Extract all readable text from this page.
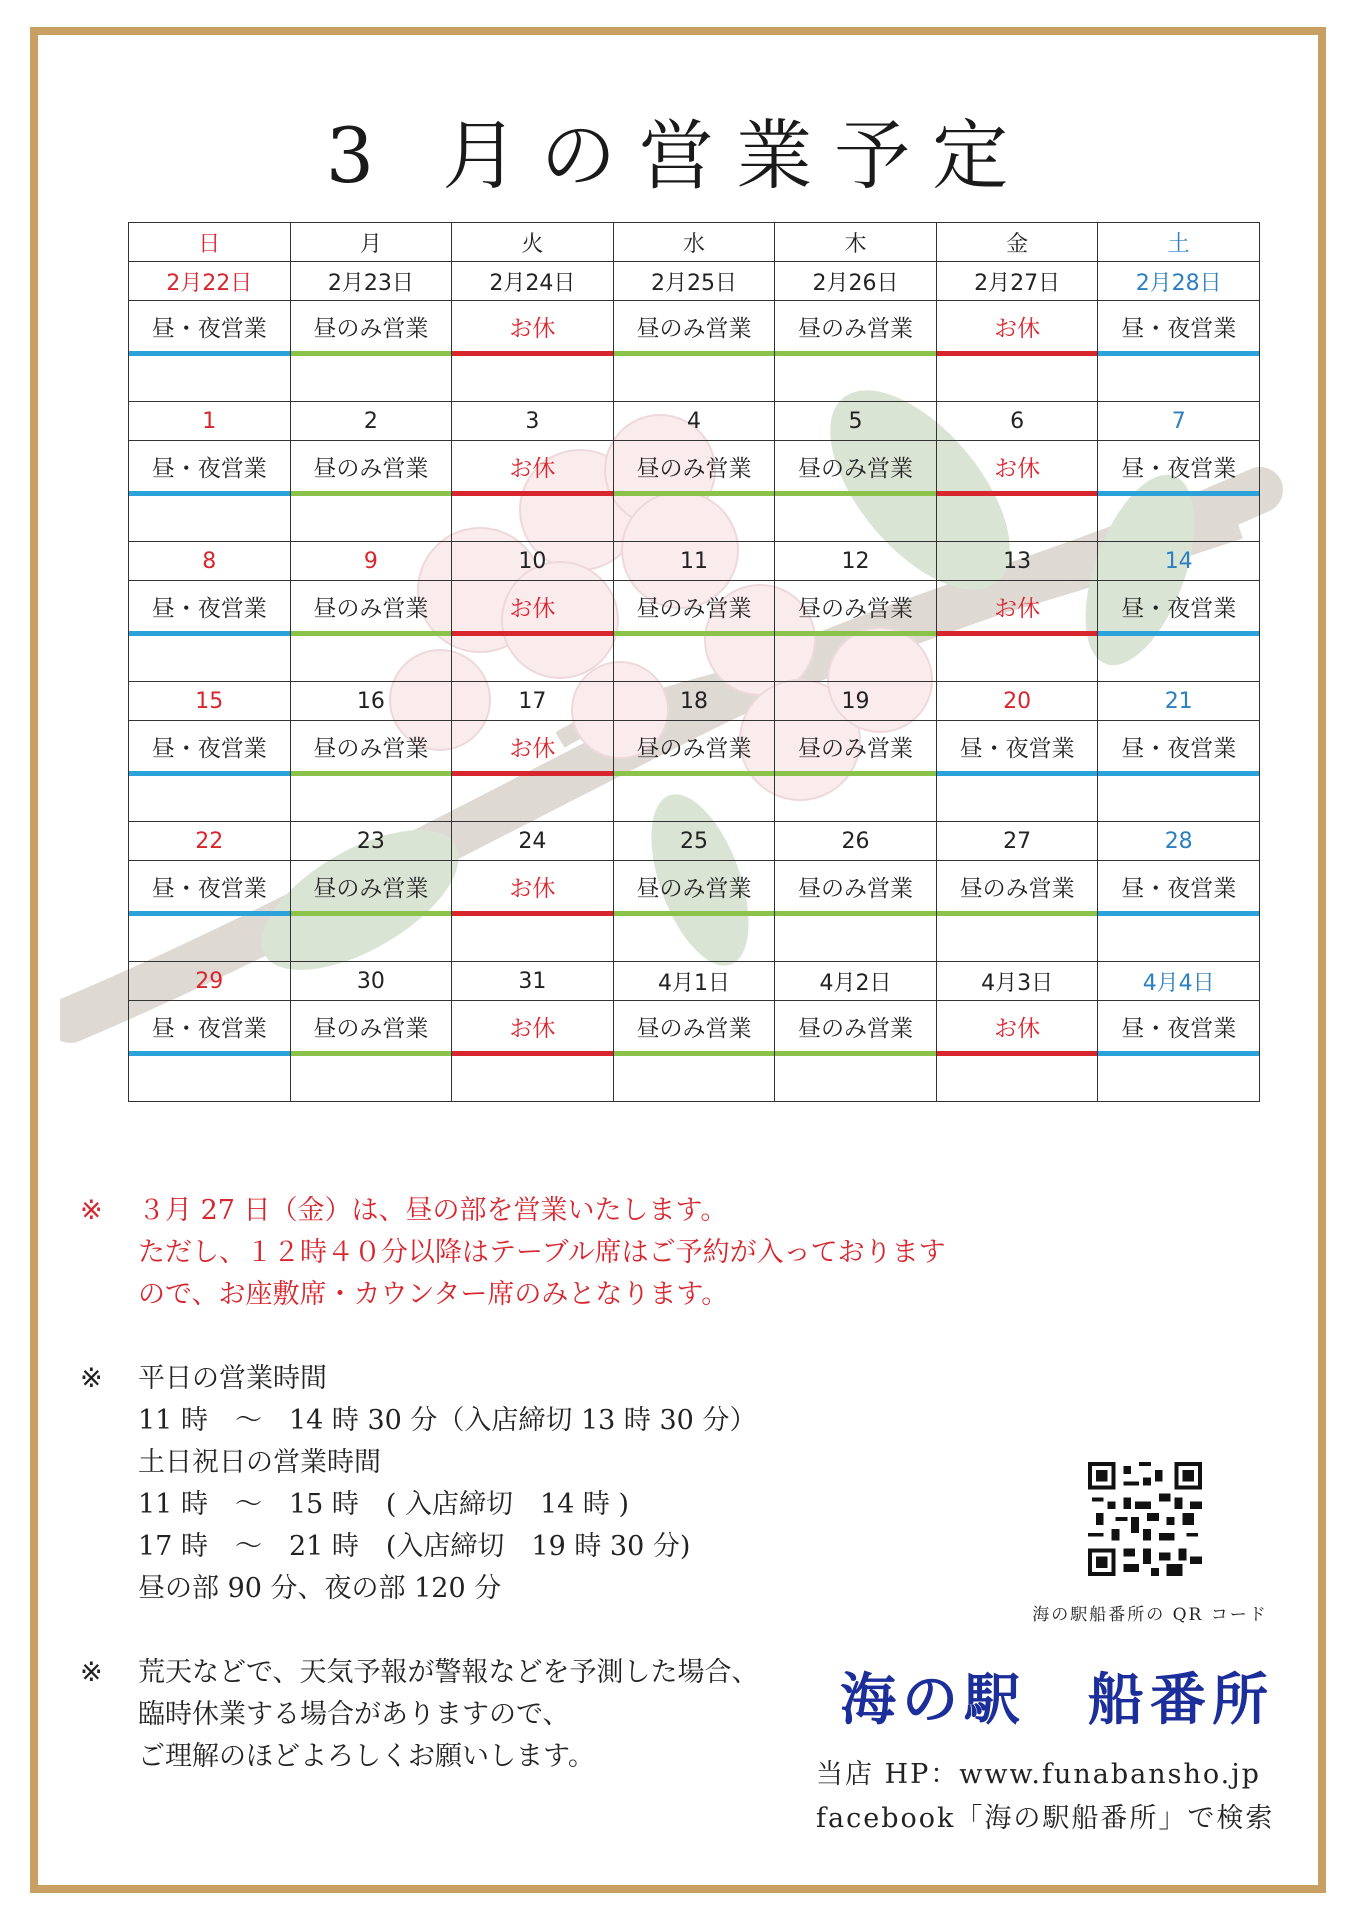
3 月の営業予定
日	月	火	水	木	金	土
2月22日	2月23日	2月24日	2月25日	2月26日	2月27日	2月28日
昼・夜営業	昼のみ営業	お休	昼のみ営業	昼のみ営業	お休	昼・夜営業

1	2	3	4	5	6	7
昼・夜営業	昼のみ営業	お休	昼のみ営業	昼のみ営業	お休	昼・夜営業

8	9	10	11	12	13	14
昼・夜営業	昼のみ営業	お休	昼のみ営業	昼のみ営業	お休	昼・夜営業

15	16	17	18	19	20	21
昼・夜営業	昼のみ営業	お休	昼のみ営業	昼のみ営業	昼・夜営業	昼・夜営業

22	23	24	25	26	27	28
昼・夜営業	昼のみ営業	お休	昼のみ営業	昼のみ営業	昼のみ営業	昼・夜営業

29	30	31	4月1日	4月2日	4月3日	4月4日
昼・夜営業	昼のみ営業	お休	昼のみ営業	昼のみ営業	お休	昼・夜営業

※ ３月 27 日（金）は、昼の部を営業いたします。
ただし、１２時４０分以降はテーブル席はご予約が入っております
ので、お座敷席・カウンター席のみとなります。
※ 平日の営業時間
11 時　～　14 時 30 分（入店締切 13 時 30 分）
土日祝日の営業時間
11 時　～　15 時　( 入店締切　14 時 )
17 時　～　21 時　(入店締切　19 時 30 分)
昼の部 90 分、夜の部 120 分
※ 荒天などで、天気予報が警報などを予測した場合、
臨時休業する場合がありますので、
ご理解のほどよろしくお願いします。
海の駅船番所の QR コード
海の駅　船番所
当店 HP：www.funabansho.jp
facebook「海の駅船番所」で検索
